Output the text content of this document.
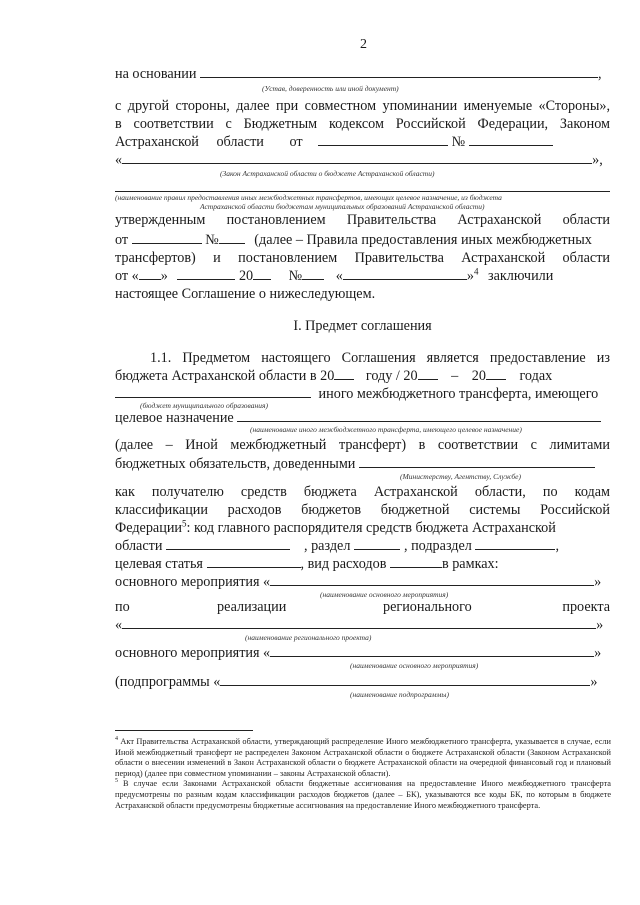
2
на основании	,
(Устав, доверенность или иной документ)
с другой стороны, далее при совместном упоминании именуемые «Стороны»,
в соответствии с Бюджетным кодексом Российской Федерации, Законом
Астраханской области от	№
«	»,
(Закон Астраханской области о бюджете Астраханской области)
(наименование правил предоставления иных межбюджетных трансфертов, имеющих целевое назначение, из бюджета
Астраханской области бюджетам муниципальных образований Астраханской области)
утвержденным постановлением Правительства Астраханской области
от	№	(далее – Правила предоставления иных межбюджетных
трансфертов) и постановлением Правительства Астраханской области
от « »	20	№ «	»$^4$ заключили
настоящее Соглашение о нижеследующем.
I. Предмет соглашения
1.1. Предметом настоящего Соглашения является предоставление из
бюджета Астраханской области в 20 году / 20 – 20 годах
иного межбюджетного трансферта, имеющего
(бюджет муниципального образования)
целевое назначение
(наименование иного межбюджетного трансферта, имеющего целевое назначение)
(далее – Иной межбюджетный трансферт) в соответствии с лимитами
бюджетных обязательств, доведенными
(Министерству, Агентству, Службе)
как получателю средств бюджета Астраханской области, по кодам
классификации расходов бюджетов бюджетной системы Российской
Федерации$^5$: код главного распорядителя средств бюджета Астраханской
области	, раздел	, подраздел	,
целевая статья	, вид расходов	в рамках:
основного мероприятия «	»
(наименование основного мероприятия)
по	реализации	регионального	проекта
«	»
(наименование регионального проекта)
основного мероприятия «	»
(наименование основного мероприятия)
(подпрограммы «	»
(наименование подпрограммы)

$^4$ Акт Правительства Астраханской области, утверждающий распределение Иного межбюджетного трансферта, указывается в случае, если Иной межбюджетный трансферт не распределен Законом Астраханской области о бюджете Астраханской области (Законом Астраханской области о внесении изменений в Закон Астраханской области о бюджете Астраханской области на очередной финансовый год и плановый период) (далее при совместном упоминании – законы Астраханской области).

$^5$ В случае если Законами Астраханской области бюджетные ассигнования на предоставление Иного межбюджетного трансферта предусмотрены по разным кодам классификации расходов бюджетов (далее – БК), указываются все коды БК, по которым в бюджете Астраханской области предусмотрены бюджетные ассигнования на предоставление Иного межбюджетного трансферта.
